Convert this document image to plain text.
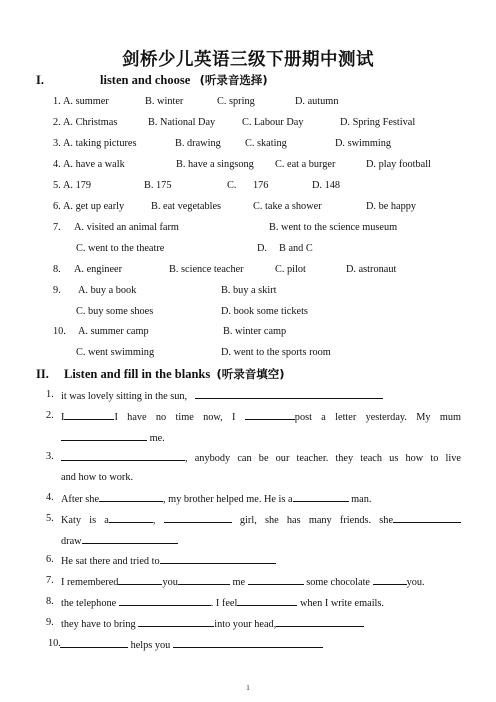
剑桥少儿英语三级下册期中测试
I.	listen and choose (听录音选择)
1. A. summer	B. winter	C. spring	D. autumn
2. A. Christmas	B. National Day	C. Labour Day	D. Spring Festival
3. A. taking pictures	B. drawing C. skating	D. swimming
4. A. have a walk	B. have a singsong C. eat a burger	D. play football
5. A. 179	B. 175	C. 176	D. 148
6. A. get up early	B. eat vegetables	C. take a shower	D. be happy
7. A. visited an animal farm	B. went to the science museum
C. went to the theatre	D. B and C
8. A. engineer	B. science teacher	C. pilot	D. astronaut
9. A. buy a book	B. buy a skirt
C. buy some shoes	D. book some tickets
10. A. summer camp	B. winter camp
C. went swimming	D. went to the sports room
II. Listen and fill in the blanks (听录音填空)
1. it was lovely sitting in the sun,
2. I	I have no time now, I	post a letter yesterday. My mum
me.
3.	, anybody can be our teacher. they teach us how to live
and how to work.
4. After she	, my brother helped me. He is a	man.
5. Katy is a	,	girl, she has many friends. she
draw
6. He sat there and tried to
7. I remembered	you	me	some chocolate	you.
8. the telephone	. I feel	when I write emails.
9. they have to bring	into your head,
10.	helps you
1
